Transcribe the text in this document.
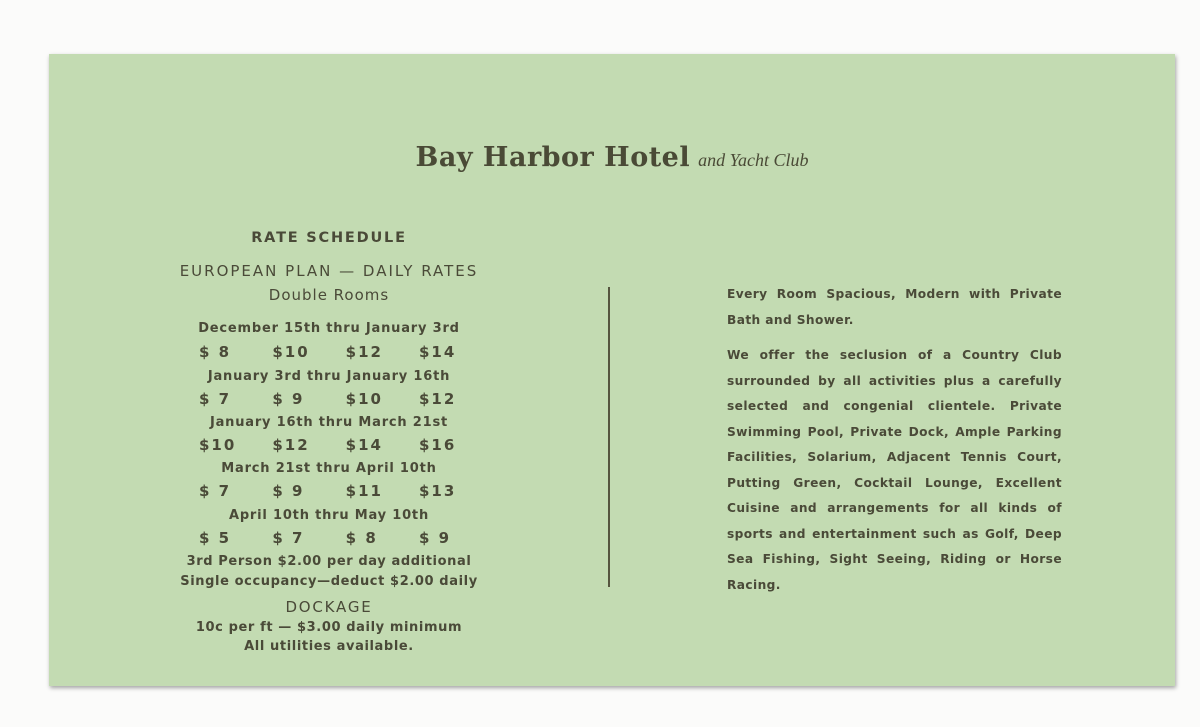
Bay Harbor Hotel and Yacht Club
RATE SCHEDULE
EUROPEAN PLAN — DAILY RATES
Double Rooms
December 15th thru January 3rd
$ 8	$10	$12	$14
January 3rd thru January 16th
$ 7	$ 9	$10	$12
January 16th thru March 21st
$10	$12	$14	$16
March 21st thru April 10th
$ 7	$ 9	$11	$13
April 10th thru May 10th
$ 5	$ 7	$ 8	$ 9
3rd Person $2.00 per day additional
Single occupancy—deduct $2.00 daily
DOCKAGE
10c per ft — $3.00 daily minimum
All utilities available.

Every Room Spacious, Modern with Private Bath and Shower.

We offer the seclusion of a Country Club surrounded by all activities plus a carefully selected and congenial clientele. Private Swimming Pool, Private Dock, Ample Parking Facilities, Solarium, Adjacent Tennis Court, Putting Green, Cocktail Lounge, Excellent Cuisine and arrangements for all kinds of sports and entertainment such as Golf, Deep Sea Fishing, Sight Seeing, Riding or Horse Racing.
